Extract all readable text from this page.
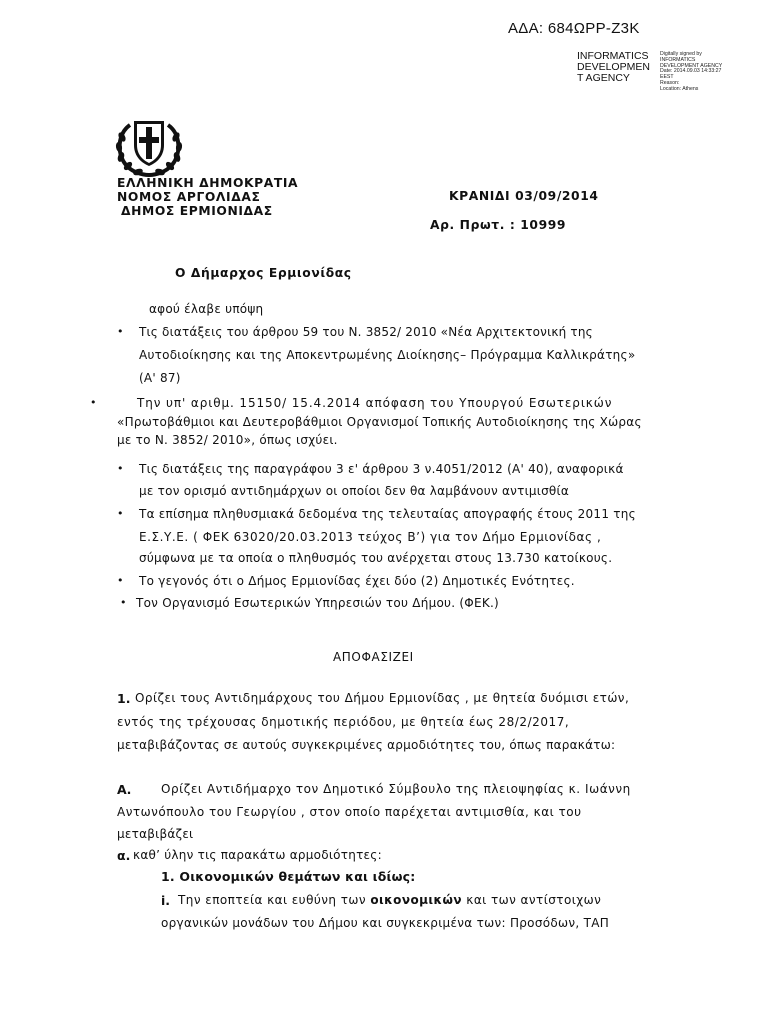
ΑΔΑ: 684ΩΡΡ-Ζ3Κ
INFORMATICS
DEVELOPMEN
T AGENCY
Digitally signed by
INFORMATICS
DEVELOPMENT AGENCY
Date: 2014.09.03 14:33:27
EEST
Reason:
Location: Athens
ΕΛΛΗΝΙΚΗ ΔΗΜΟΚΡΑΤΙΑ
ΝΟΜΟΣ ΑΡΓΟΛΙΔΑΣ
ΔΗΜΟΣ ΕΡΜΙΟΝΙΔΑΣ
ΚΡΑΝΙΔΙ 03/09/2014
Αρ. Πρωτ. : 10999
Ο Δήμαρχος Ερμιονίδας
αφού έλαβε υπόψη
• Τις διατάξεις του άρθρου 59 του Ν. 3852/ 2010 «Νέα Αρχιτεκτονική της
Αυτοδιοίκησης και της Αποκεντρωμένης Διοίκησης– Πρόγραμμα Καλλικράτης»
(Α' 87)
•	Την υπ' αριθμ. 15150/ 15.4.2014 απόφαση του Υπουργού Εσωτερικών
«Πρωτοβάθμιοι και Δευτεροβάθμιοι Οργανισμοί Τοπικής Αυτοδιοίκησης της Χώρας
με το Ν. 3852/ 2010», όπως ισχύει.
• Τις διατάξεις της παραγράφου 3 ε' άρθρου 3 ν.4051/2012 (Α' 40), αναφορικά
με τον ορισμό αντιδημάρχων οι οποίοι δεν θα λαμβάνουν αντιμισθία
• Τα επίσημα πληθυσμιακά δεδομένα της τελευταίας απογραφής έτους 2011 της
Ε.Σ.Υ.Ε. ( ΦΕΚ 63020/20.03.2013 τεύχος Β’) για τον Δήμο Ερμιονίδας ,
σύμφωνα με τα οποία ο πληθυσμός του ανέρχεται στους 13.730 κατοίκους.
• Το γεγονός ότι ο Δήμος Ερμιονίδας έχει δύο (2) Δημοτικές Ενότητες.
• Τον Οργανισμό Εσωτερικών Υπηρεσιών του Δήμου. (ΦΕΚ.)
ΑΠΟΦΑΣΙΖΕΙ
1. Ορίζει τους Αντιδημάρχους του Δήμου Ερμιονίδας , με θητεία δυόμισι ετών,
εντός της τρέχουσας δημοτικής περιόδου, με θητεία έως 28/2/2017,
μεταβιβάζοντας σε αυτούς συγκεκριμένες αρμοδιότητες του, όπως παρακάτω:
Α. Ορίζει Αντιδήμαρχο τον Δημοτικό Σύμβουλο της πλειοψηφίας κ. Ιωάννη
Αντωνόπουλο του Γεωργίου , στον οποίο παρέχεται αντιμισθία, και του
μεταβιβάζει
α. καθ’ ύλην τις παρακάτω αρμοδιότητες:
1. Οικονομικών θεμάτων και ιδίως:
i. Την εποπτεία και ευθύνη των οικονομικών και των αντίστοιχων
οργανικών μονάδων του Δήμου και συγκεκριμένα των: Προσόδων, ΤΑΠ
